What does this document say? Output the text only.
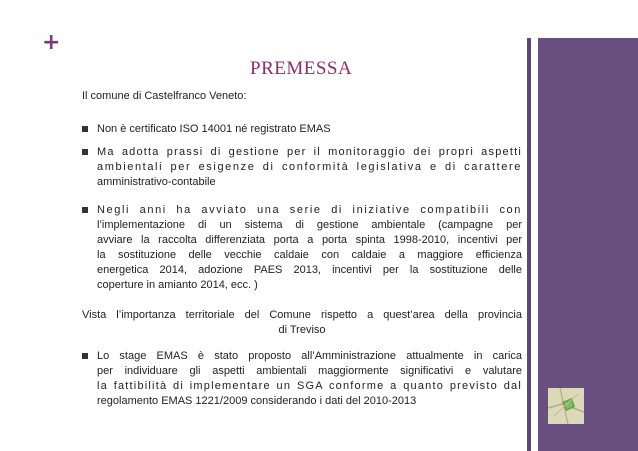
+
PREMESSA
Il comune di Castelfranco Veneto:
Non è certificato ISO 14001 né registrato EMAS
Ma adotta prassi di gestione per il monitoraggio dei propri aspetti
ambientali per esigenze di conformità legislativa e di carattere
amministrativo-contabile
Negli anni ha avviato una serie di iniziative compatibili con
l’implementazione di un sistema di gestione ambientale (campagne per
avviare la raccolta differenziata porta a porta spinta 1998-2010, incentivi per
la sostituzione delle vecchie caldaie con caldaie a maggiore efficienza
energetica 2014, adozione PAES 2013, incentivi per la sostituzione delle
coperture in amianto 2014, ecc. )
Vista l’importanza territoriale del Comune rispetto a quest’area della provincia
di Treviso
Lo stage EMAS è stato proposto all’Amministrazione attualmente in carica
per individuare gli aspetti ambientali maggiormente significativi e valutare
la fattibilità di implementare un SGA conforme a quanto previsto dal
regolamento EMAS 1221/2009 considerando i dati del 2010-2013
